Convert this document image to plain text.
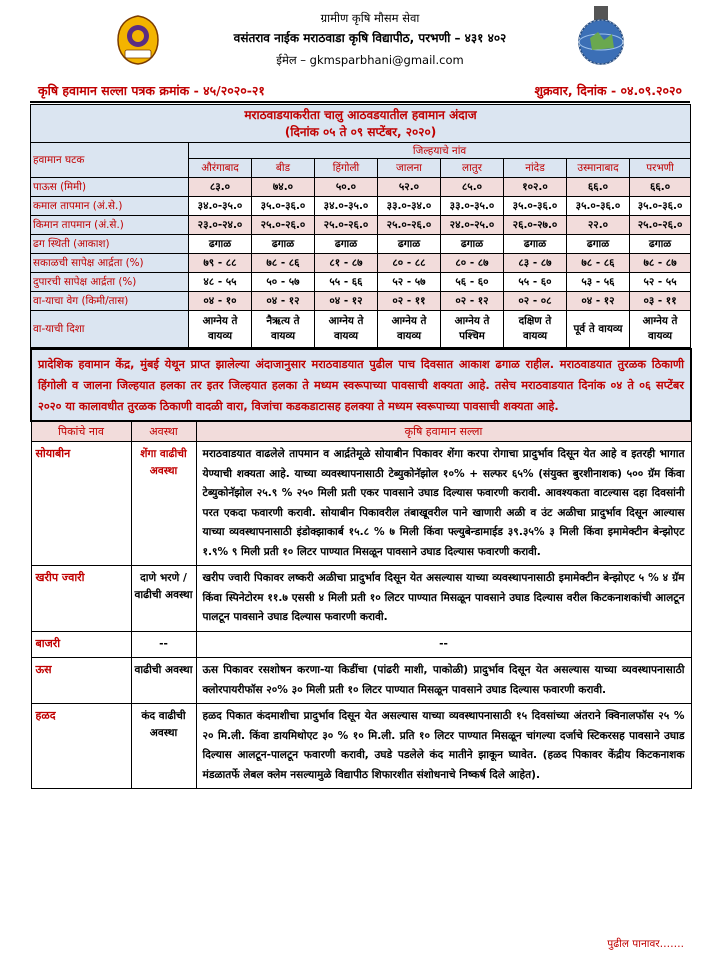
ग्रामीण कृषि मौसम सेवा
वसंतराव नाईक मराठवाडा कृषि विद्यापीठ, परभणी – ४३१ ४०२
ईमेल – gkmsparbhani@gmail.com
कृषि हवामान सल्ला पत्रक क्रमांक - ४५/२०२०-२१	शुक्रवार, दिनांक - ०४.०९.२०२०
मराठवाडयाकरीता चालु आठवडयातील हवामान अंदाज
(दिनांक ०५ ते ०९ सप्टेंबर, २०२०)								

हवामान घटक	जिल्हयाचे नांव							
	औरंगाबाद	बीड	हिंगोली	जालना	लातुर	नांदेड	उस्मानाबाद	परभणी
पाऊस (मिमी)	८३.०	७४.०	५०.०	५२.०	८५.०	१०२.०	६६.०	६६.०
कमाल तापमान (अं.से.)	३४.०-३५.०	३५.०-३६.०	३४.०-३५.०	३३.०-३४.०	३३.०-३५.०	३५.०-३६.०	३५.०-३६.०	३५.०-३६.०
किमान तापमान (अं.से.)	२३.०-२४.०	२५.०-२६.०	२५.०-२६.०	२५.०-२६.०	२४.०-२५.०	२६.०-२७.०	२२.०	२५.०-२६.०
ढग स्थिती (आकाश)	ढगाळ	ढगाळ	ढगाळ	ढगाळ	ढगाळ	ढगाळ	ढगाळ	ढगाळ
सकाळची सापेक्ष आर्द्रता (%)	७९ - ८८	७८ - ८६	८१ - ८७	८० - ८८	८० - ८७	८३ - ८७	७८ - ८६	७८ - ८७
दुपारची सापेक्ष आर्द्रता (%)	४८ - ५५	५० - ५७	५५ - ६६	५२ - ५७	५६ - ६०	५५ - ६०	५३ - ५६	५२ - ५५
वा-याचा वेग (किमी/तास)	०४ - १०	०४ - १२	०४ - १२	०२ - ११	०२ - १२	०२ - ०८	०४ - १२	०३ - ११
वा-याची दिशा	आग्नेय ते वायव्य	नैऋत्य ते वायव्य	आग्नेय ते वायव्य	आग्नेय ते वायव्य	आग्नेय ते पश्चिम	दक्षिण ते वायव्य	पूर्व ते वायव्य	आग्नेय ते वायव्य
प्रादेशिक हवामान केंद्र, मुंबई येथून प्राप्त झालेल्या अंदाजानुसार मराठवाडयात पुढील पाच दिवसात आकाश ढगाळ राहील. मराठवाडयात तुरळक ठिकाणी हिंगोली व जालना जिल्हयात हलका तर इतर जिल्हयात हलका ते मध्यम स्वरूपाच्या पावसाची शक्यता आहे. तसेच मराठवाडयात दिनांक ०४ ते ०६ सप्टेंबर २०२० या कालावधीत तुरळक ठिकाणी वादळी वारा, विजांचा कडकडाटासह हलक्या ते मध्यम स्वरूपाच्या पावसाची शक्यता आहे.		
पिकांचे नाव	अवस्था	कृषि हवामान सल्ला
सोयाबीन	शेंगा वाढीची अवस्था	मराठवाडयात वाढलेले तापमान व आर्द्रतेमूळे सोयाबीन पिकावर शेंगा करपा रोगाचा प्रादुर्भाव दिसून येत आहे व इतरही भागात येण्याची शक्यता आहे. याच्या व्यवस्थापनासाठी टेब्युकोनॅझोल १०% + सल्फर ६५% (संयुक्त बुरशीनाशक) ५०० ग्रॅम किंवा टेब्युकोनॅझोल २५.९ % २५० मिली प्रती एकर पावसाने उघाड दिल्यास फवारणी करावी. आवश्यकता वाटल्यास दहा दिवसांनी परत एकदा फवारणी करावी. सोयाबीन पिकावरील तंबाखूवरील पाने खाणारी अळी व उंट अळीचा प्रादुर्भाव दिसून आल्यास याच्या व्यवस्थापनासाठी इंडोक्झाकार्ब १५.८ % ७ मिली किंवा फ्ल्युबेन्डामाईड ३९.३५% ३ मिली किंवा इमामेक्टीन बेन्झोएट १.९% ९ मिली प्रती १० लिटर पाण्यात मिसळून पावसाने उघाड दिल्यास फवारणी करावी.
खरीप ज्वारी	दाणे भरणे / वाढीची अवस्था	खरीप ज्वारी पिकावर लष्करी अळीचा प्रादुर्भाव दिसून येत असल्यास याच्या व्यवस्थापनासाठी इमामेक्टीन बेन्झोएट ५ % ४ ग्रॅम किंवा स्पिनेटोरम ११.७ एससी ४ मिली प्रती १० लिटर पाण्यात मिसळून पावसाने उघाड दिल्यास वरील किटकनाशकांची आलटून पालटून पावसाने उघाड दिल्यास फवारणी करावी.
बाजरी	--	--
ऊस	वाढीची अवस्था	ऊस पिकावर रसशोषन करणा-या किडींचा (पांढरी माशी, पाकोळी) प्रादुर्भाव दिसून येत असल्यास याच्या व्यवस्थापनासाठी क्लोरपायरीफॉस २०% ३० मिली प्रती १० लिटर पाण्यात मिसळून पावसाने उघाड दिल्यास फवारणी करावी.
हळद	कंद वाढीची अवस्था	हळद पिकात कंदमाशीचा प्रादुर्भाव दिसून येत असल्यास याच्या व्यवस्थापनासाठी १५ दिवसांच्या अंतराने क्विनालफॉस २५ % २० मि.ली. किंवा डायमिथोएट ३० % १० मि.ली. प्रति १० लिटर पाण्यात मिसळून चांगल्या दर्जाचे स्टिकरसह पावसाने उघाड दिल्यास आलटून-पालटून फवारणी करावी, उघडे पडलेले कंद मातीने झाकून घ्यावेत. (हळद पिकावर केंद्रीय किटकनाशक मंडळातर्फे लेबल क्लेम नसल्यामुळे विद्यापीठ शिफारशीत संशोधनाचे निष्कर्ष दिले आहेत).
पुढील पानावर…….
